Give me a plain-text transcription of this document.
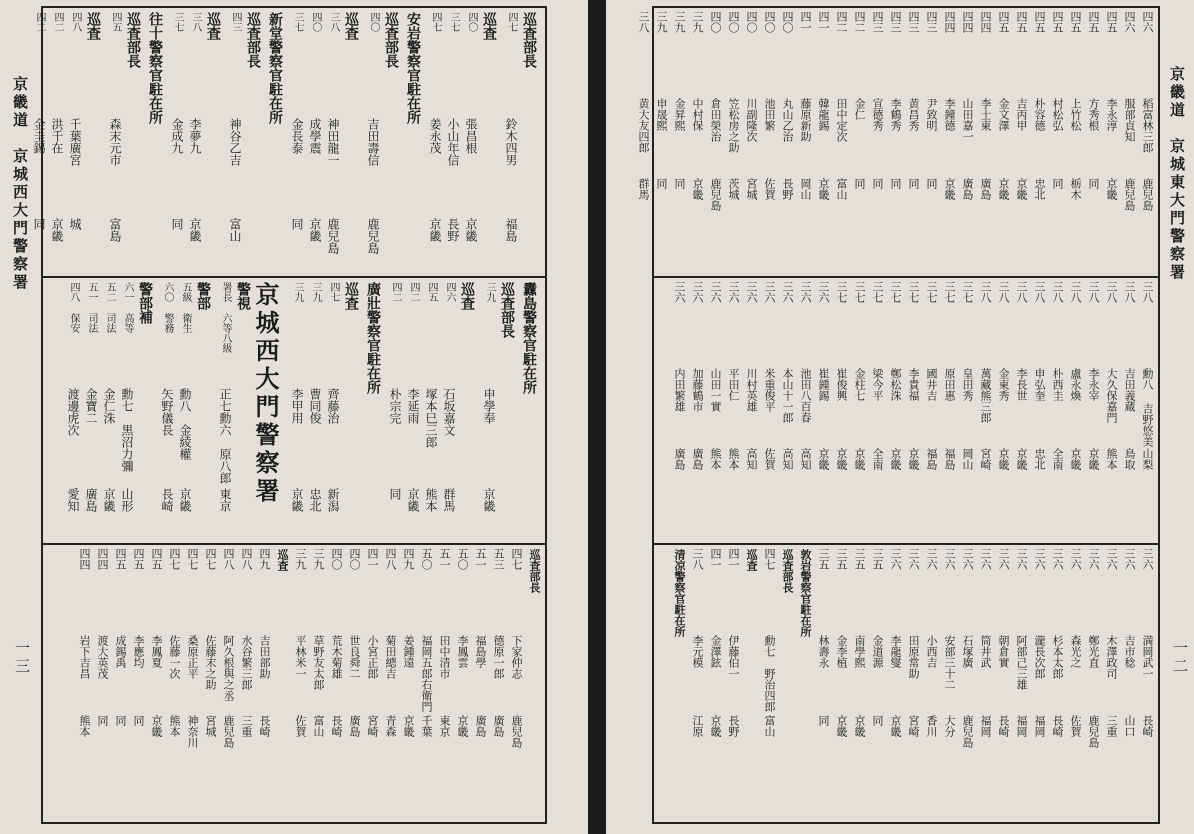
巡査部長
四七
鈴木四男
福島
巡査
四〇
張昌根
京畿
三七
小山年信
長野
四七
姜永茂
京畿
安岩警察官駐在所
巡査部長
四〇
吉田壽信
鹿兒島
巡査
三八
神田龍一
鹿兒島
四〇
成學震
京畿
三七
金長泰
同
新堂警察官駐在所
巡査部長
四三
神谷乙吉
富山
巡査
三八
李夢九
京畿
三七
金成九
同
往十警察官駐在所
巡査部長
四五
森末元市
富島
巡査
四八
千葉廣宮
城
四二
洪千在
京畿
四二
金圭錫
同
纛島警察官駐在所
巡査部長
三九
申學奉
京畿
巡査
四六
石坂嘉文
群馬
四五
塚本巳三郎
熊本
四二
李延雨
京畿
四二
朴宗完
同
廣壯警察官駐在所
巡査
四七
齊藤治
新潟
三九
曹同俊
忠北
三九
李甲用
京畿
京城西大門警察署
警視
署長 六等八級
正七勳六　原八郎
東京
警部
五級 衛生
勳八　金綾權
京畿
六〇 警務
矢野儀長
長崎
警部補
六一 高等
勳七　黒沼力彌
山形
五二 司法
金仁洙
京畿
五一 司法
金寶二
廣島
四八 保安
渡邊虎次
愛知
巡査部長
四七
下家仲志
鹿兒島
五三
德原一郎
廣島
五一
福島學
廣島
五〇
李鳳雲
京畿
五一
田中清市
東京
五〇
福岡五郎右衛門
千葉
四九
姜鍾遠
京畿
四八
菊田總吉
青森
四一
小宮正郎
宮崎
四〇
世良舜二
廣島
四〇
荒木菊雄
長崎
三九
草野友太郎
富山
三九
平林米一
佐賀
巡査
四九
吉田部助
長崎
四八
水谷繁三郎
三重
四八
阿久根與之丞
鹿兒島
四七
佐藤末之助
宮城
四七
桑原正平
神奈川
四七
佐藤一次
熊本
四五
李鳳夏
京畿
四五
李應均
同
四五
成錫禹
同
四四
渡大英茂
同
四四
岩下吉昌
熊本
京畿道　京城西大門警察署
一三
四六
稻富林三郎
鹿兒島
四六
服部貞知
鹿兒島
四五
李永淳
京畿
四五
方秀根
同
四五
上竹松
栃木
四五
村松弘
同
四五
朴容德
忠北
四五
吉丙甲
京畿
四五
金文澤
京畿
四四
李士東
廣島
四四
山田嘉一
廣島
四四
李鐘德
京畿
四三
尹致明
同
四三
黄昌秀
同
四三
李鶴秀
同
四三
宣德秀
同
四二
金仁
同
四二
田中定次
富山
四一
韓龍錫
京畿
四一
藤原新助
岡山
四〇
丸山乙治
長野
四〇
池田繁
佐賀
四〇
川副隆次
宮城
四〇
笠松房之助
茨城
四〇
倉田榮治
鹿兒島
三九
中村保
京畿
三九
金昇熙
同
三九
申晟熙
同
三八
黄大友四郎
群馬
三八
勳八 吉野悠美
山梨
三八
吉田義蔵
鳥取
三八
大久保嘉門
熊本
三八
李永宰
京畿
三八
盧永煥
京畿
三八
朴西圭
全南
三八
申弘奎
忠北
三八
李長世
京畿
三八
金東秀
京畿
三八
萬藏熊三郎
宮崎
三七
皇田秀
岡山
三七
原田惠
福島
三七
國井吉
福島
三七
李貴福
京畿
三七
鄭松洙
京畿
三七
梁今平
全南
三七
金柱七
京畿
三七
崔俊興
京畿
三六
崔鍾錫
京畿
三六
池田八百春
高知
三六
本山十一郎
高知
三六
米重俊平
佐賀
三六
川村英雄
高知
三六
平田仁
熊本
三六
山田一實
熊本
三六
加藤鶴市
廣島
三六
内田繁雄
廣島
三六
満岡武一
長崎
三六
吉市稔
山口
三六
木澤政司
三重
三六
鄭光直
鹿兒島
三六
森光之
佐賀
三六
杉本太郎
長崎
三六
瀧長次郎
福岡
三六
阿部己三雄
福岡
三六
朝倉實
長崎
三六
筒井武
福岡
三六
石塚廣
鹿兒島
三六
安部三十二
大分
三六
小西吉
香川
三六
田原常助
宮崎
三六
李龍燮
京畿
三五
金道源
同
三五
南學熙
京畿
三五
金李植
京畿
三五
林壽永
同
敦岩警察官駐在所
巡査部長
四七
勳七　野治四郎
富山
巡査
四一
伊藤伯一
長野
四一
金澤鉉
京畿
三八
李元模
江原
清凉警察官駐在所
京畿道　京城東大門警察署
一二
